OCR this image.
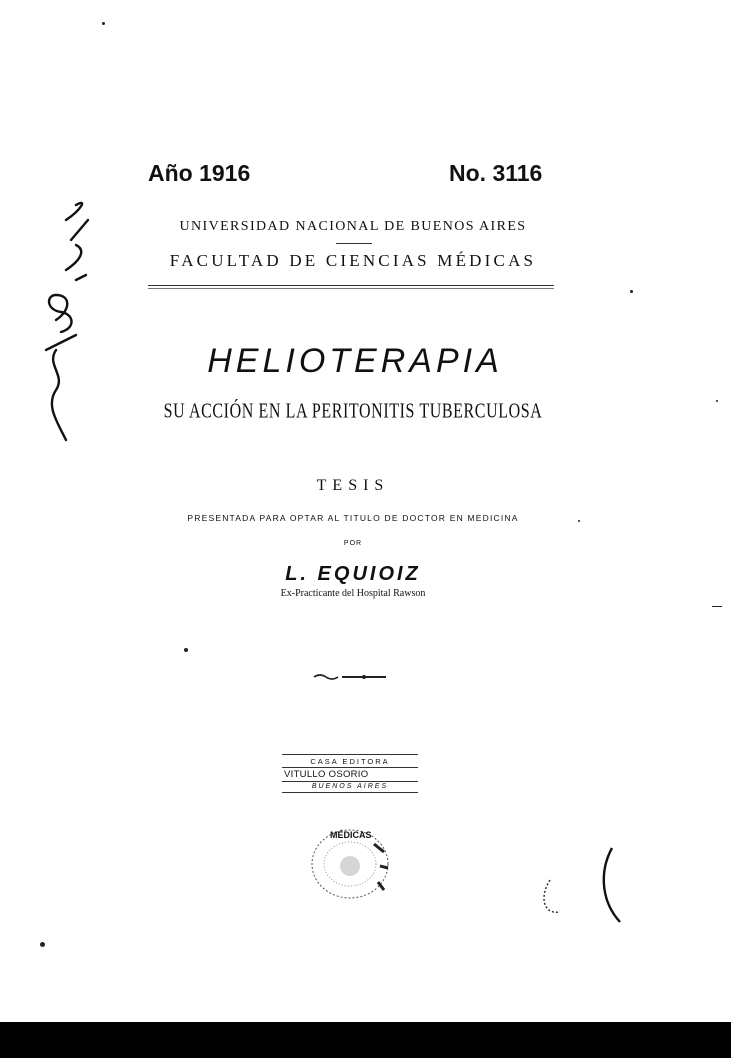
Año 1916	No. 3116
UNIVERSIDAD NACIONAL DE BUENOS AIRES
FACULTAD DE CIENCIAS MÉDICAS
HELIOTERAPIA
SU ACCIÓN EN LA PERITONITIS TUBERCULOSA
TESIS
PRESENTADA PARA OPTAR AL TITULO DE DOCTOR EN MEDICINA
POR
L. EQUIOIZ
Ex-Practicante del Hospital Rawson
CASA EDITORA
VITULLO OSORIO
BUENOS AIRES
MÉDICAS
